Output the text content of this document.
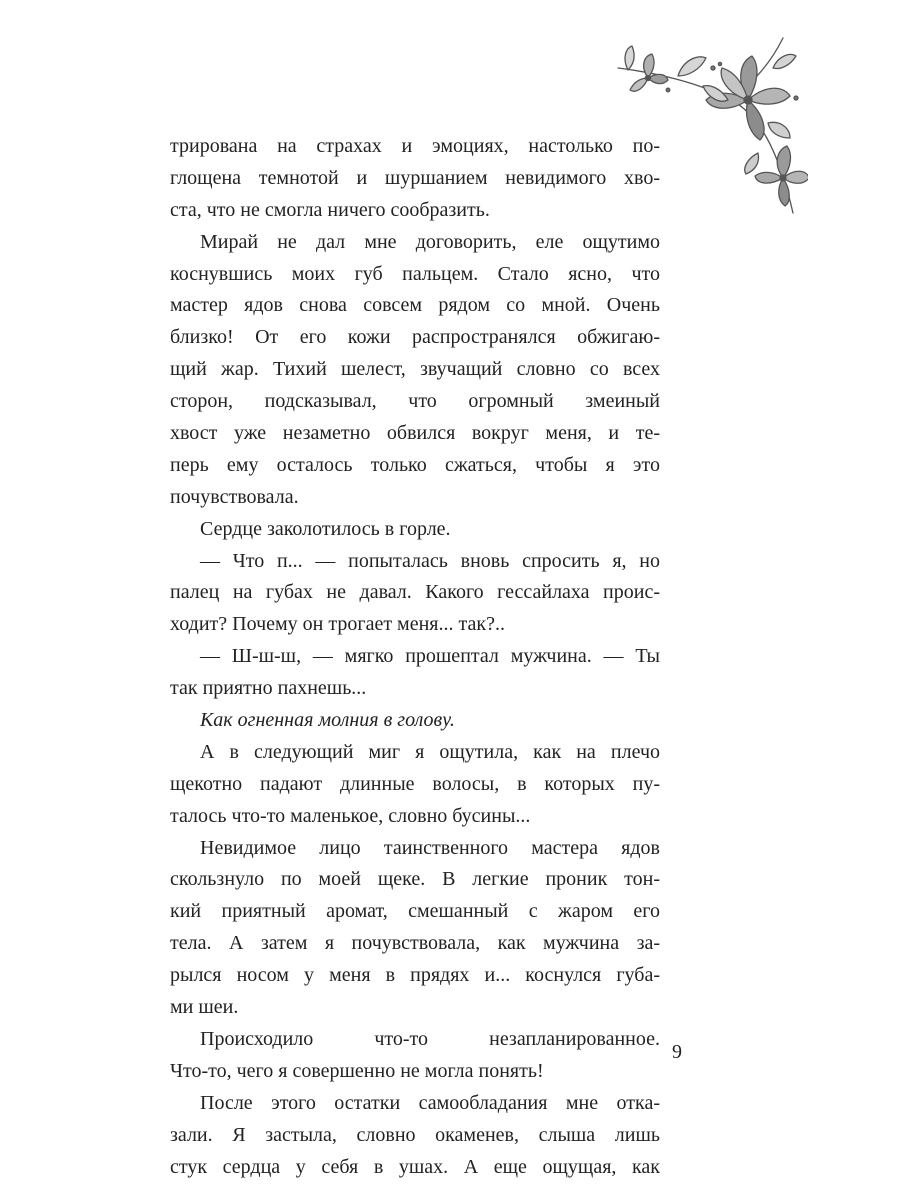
трирована на страхах и эмоциях, настолько по-
глощена темнотой и шуршанием невидимого хво-
ста, что не смогла ничего сообразить.
Мирай не дал мне договорить, еле ощутимо
коснувшись моих губ пальцем. Стало ясно, что
мастер ядов снова совсем рядом со мной. Очень
близко! От его кожи распространялся обжигаю-
щий жар. Тихий шелест, звучащий словно со всех
сторон, подсказывал, что огромный змеиный
хвост уже незаметно обвился вокруг меня, и те-
перь ему осталось только сжаться, чтобы я это
почувствовала.
Сердце заколотилось в горле.
— Что п... — попыталась вновь спросить я, но
палец на губах не давал. Какого гессайлаха проис-
ходит? Почему он трогает меня... так?..
— Ш-ш-ш, — мягко прошептал мужчина. — Ты
так приятно пахнешь...
Как огненная молния в голову.
А в следующий миг я ощутила, как на плечо
щекотно падают длинные волосы, в которых пу-
талось что-то маленькое, словно бусины...
Невидимое лицо таинственного мастера ядов
скользнуло по моей щеке. В легкие проник тон-
кий приятный аромат, смешанный с жаром его
тела. А затем я почувствовала, как мужчина за-
рылся носом у меня в прядях и... коснулся губа-
ми шеи.
Происходило что-то незапланированное.
Что-то, чего я совершенно не могла понять!
После этого остатки самообладания мне отка-
зали. Я застыла, словно окаменев, слыша лишь
стук сердца у себя в ушах. А еще ощущая, как
9
